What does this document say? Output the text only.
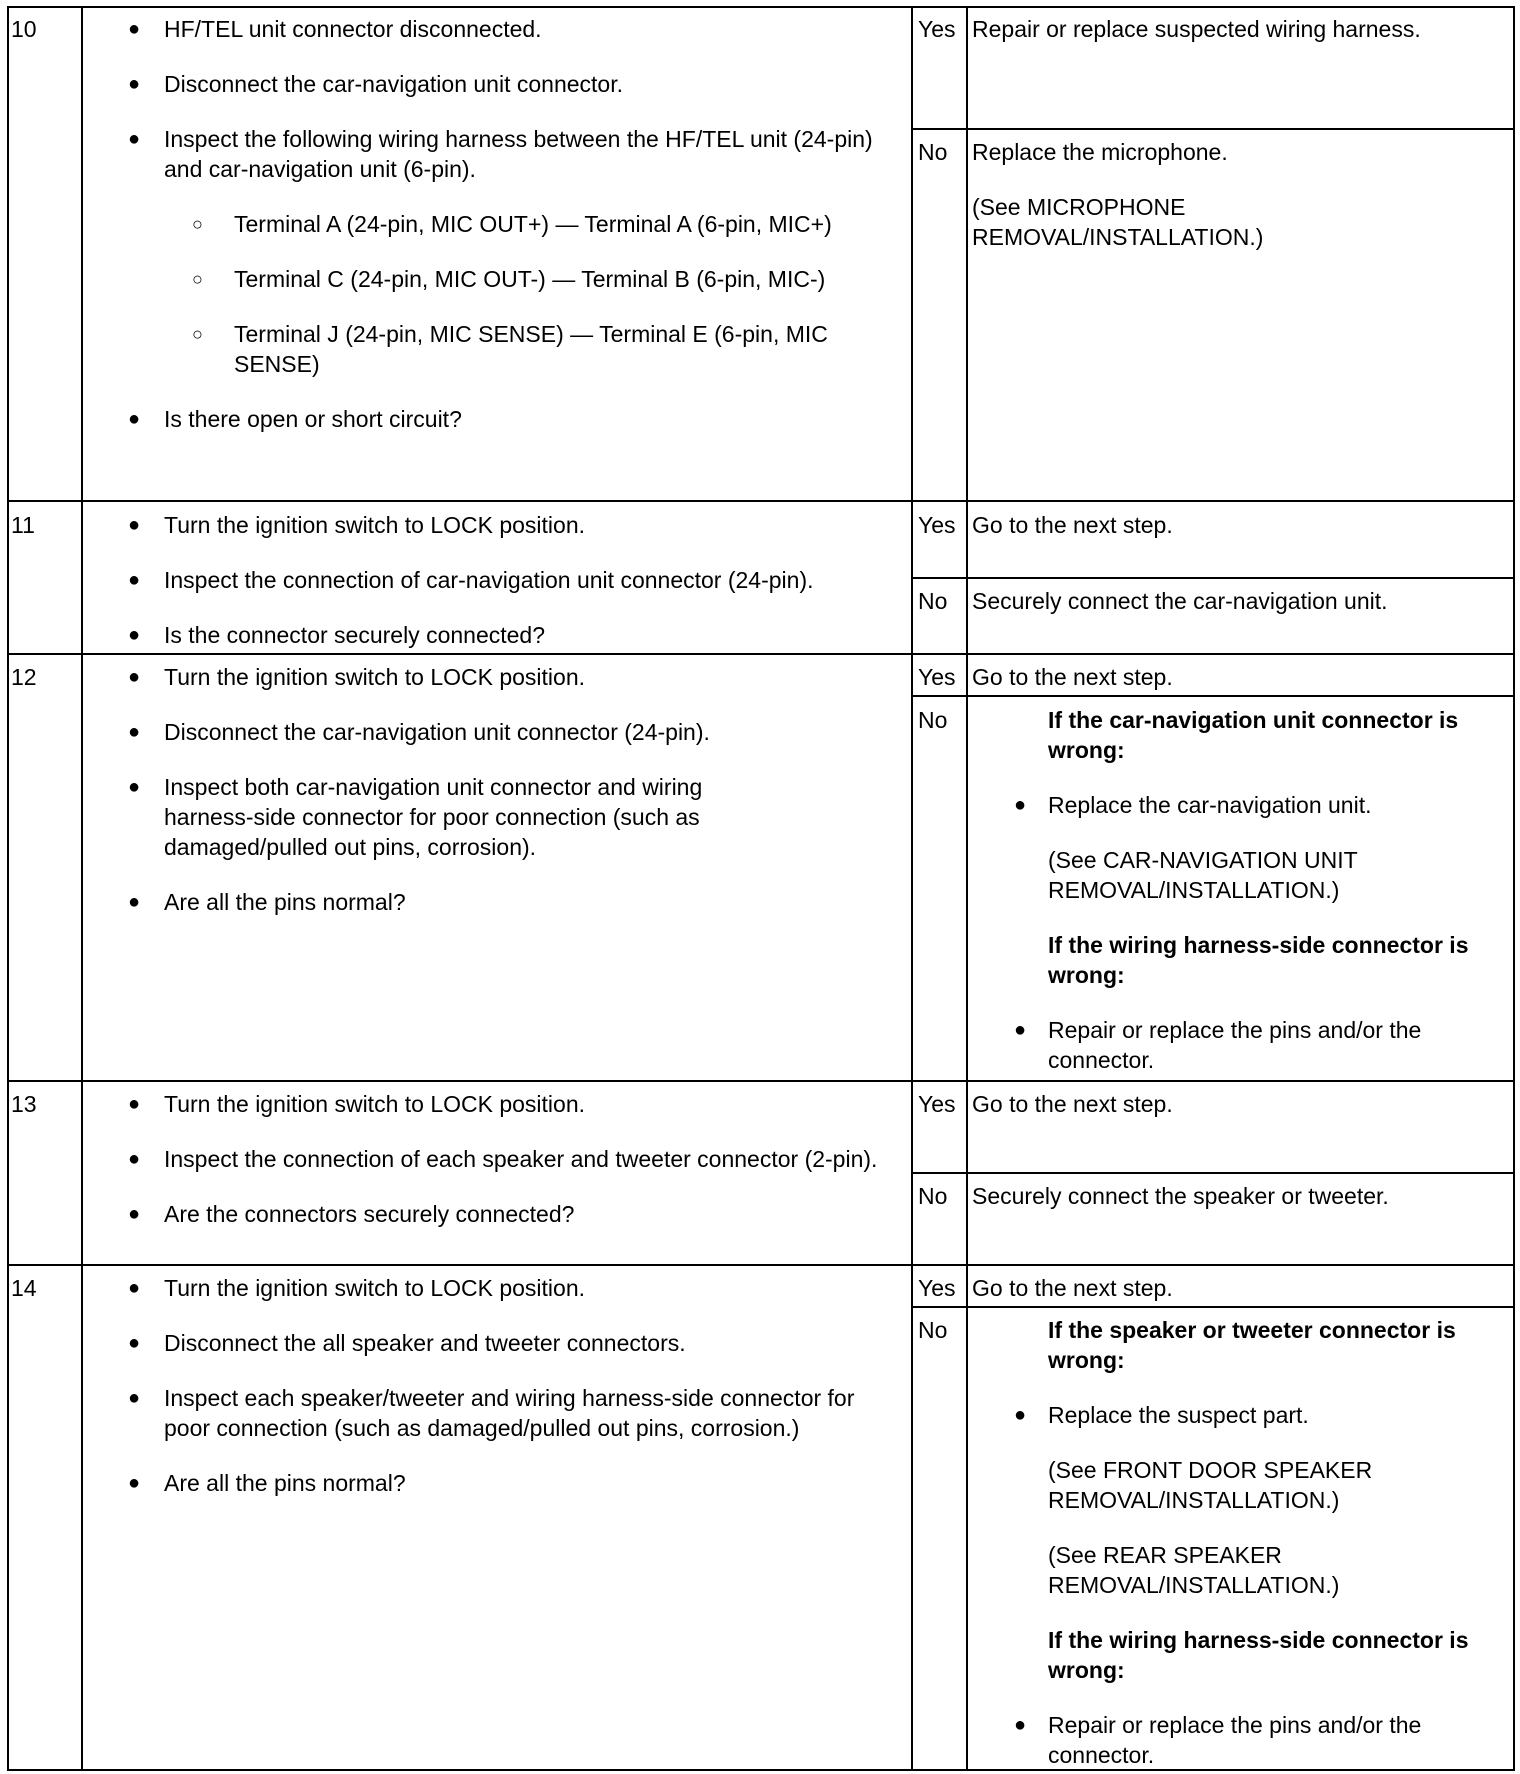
10	● HF/TEL unit connector disconnected.
● Disconnect the car-navigation unit connector.
● Inspect the following wiring harness between the HF/TEL unit (24-pin) and car-navigation unit (6-pin).
○ Terminal A (24-pin, MIC OUT+) — Terminal A (6-pin, MIC+)
○ Terminal C (24-pin, MIC OUT-) — Terminal B (6-pin, MIC-)
○ Terminal J (24-pin, MIC SENSE) — Terminal E (6-pin, MIC SENSE)
● Is there open or short circuit?
Yes Repair or replace suspected wiring harness.

No Replace the microphone.

(See MICROPHONE REMOVAL/INSTALLATION.)

11	● Turn the ignition switch to LOCK position.
● Inspect the connection of car-navigation unit connector (24-pin).
● Is the connector securely connected?
Yes Go to the next step.

No Securely connect the car-navigation unit.

12	● Turn the ignition switch to LOCK position.
● Disconnect the car-navigation unit connector (24-pin).
● Inspect both car-navigation unit connector and wiring harness-side connector for poor connection (such as damaged/pulled out pins, corrosion).
● Are all the pins normal?
Yes Go to the next step.

No	If the car-navigation unit connector is wrong:

● Replace the car-navigation unit.

(See CAR-NAVIGATION UNIT REMOVAL/INSTALLATION.)

If the wiring harness-side connector is wrong:

● Repair or replace the pins and/or the connector.

13	● Turn the ignition switch to LOCK position.
● Inspect the connection of each speaker and tweeter connector (2-pin).
● Are the connectors securely connected?
Yes Go to the next step.

No Securely connect the speaker or tweeter.

14	● Turn the ignition switch to LOCK position.
● Disconnect the all speaker and tweeter connectors.
● Inspect each speaker/tweeter and wiring harness-side connector for poor connection (such as damaged/pulled out pins, corrosion.)
● Are all the pins normal?
Yes Go to the next step.

No	If the speaker or tweeter connector is wrong:

● Replace the suspect part.

(See FRONT DOOR SPEAKER REMOVAL/INSTALLATION.)

(See REAR SPEAKER REMOVAL/INSTALLATION.)

If the wiring harness-side connector is wrong:

● Repair or replace the pins and/or the connector.
